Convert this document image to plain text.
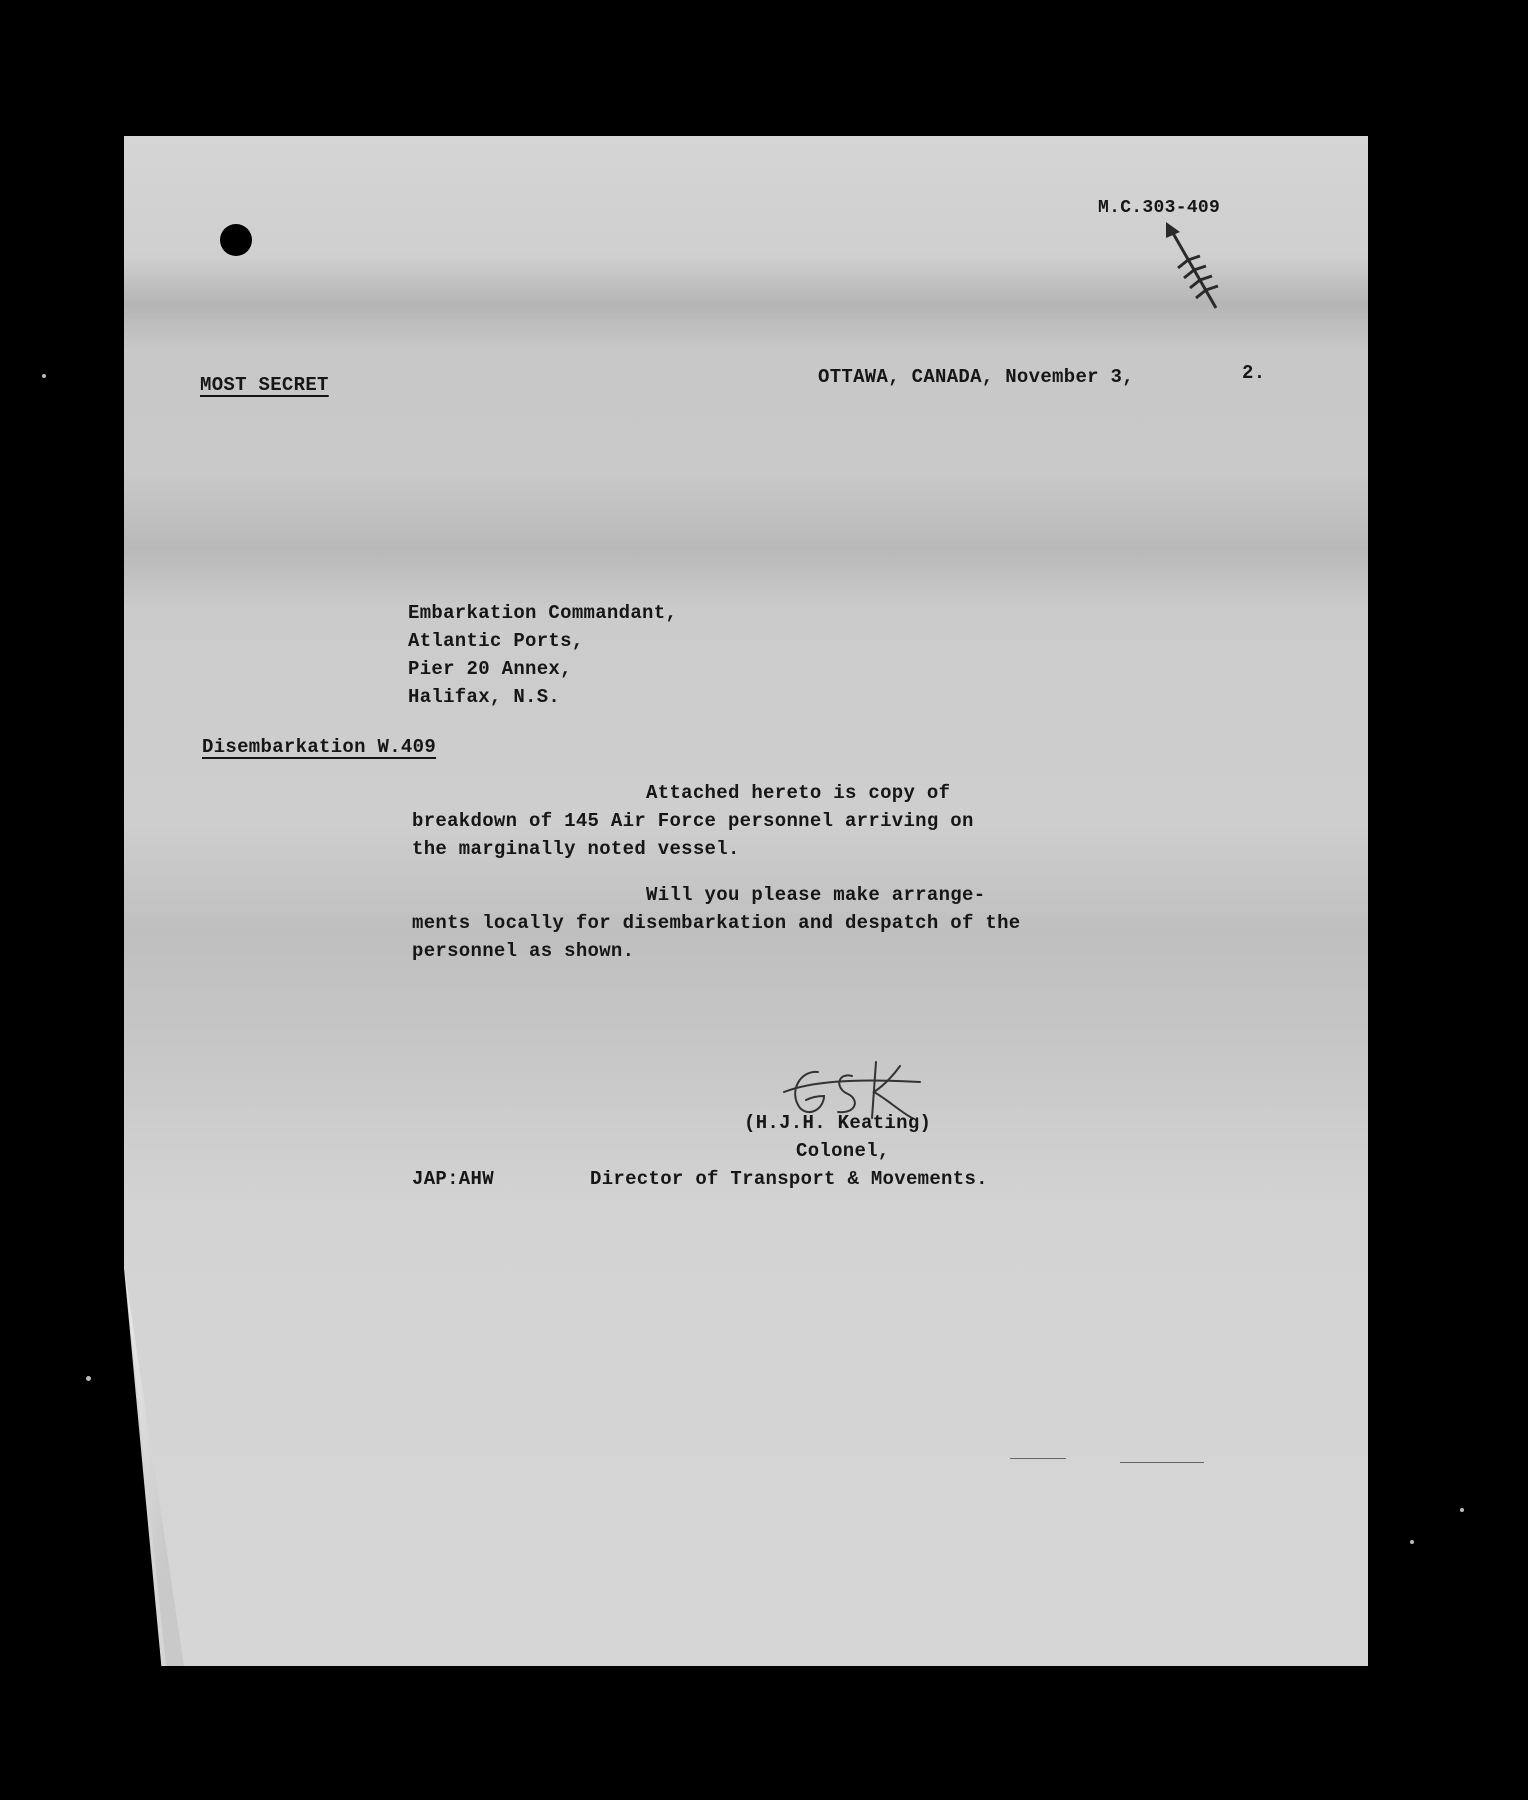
M.C.303-409
MOST SECRET	OTTAWA, CANADA, November 3,	2.
Embarkation Commandant,
Atlantic Ports,
Pier 20 Annex,
Halifax, N.S.
Disembarkation W.409
Attached hereto is copy of
breakdown of 145 Air Force personnel arriving on
the marginally noted vessel.
Will you please make arrange-
ments locally for disembarkation and despatch of the
personnel as shown.
(H.J.H. Keating)
Colonel,
Director of Transport & Movements.
JAP:AHW
